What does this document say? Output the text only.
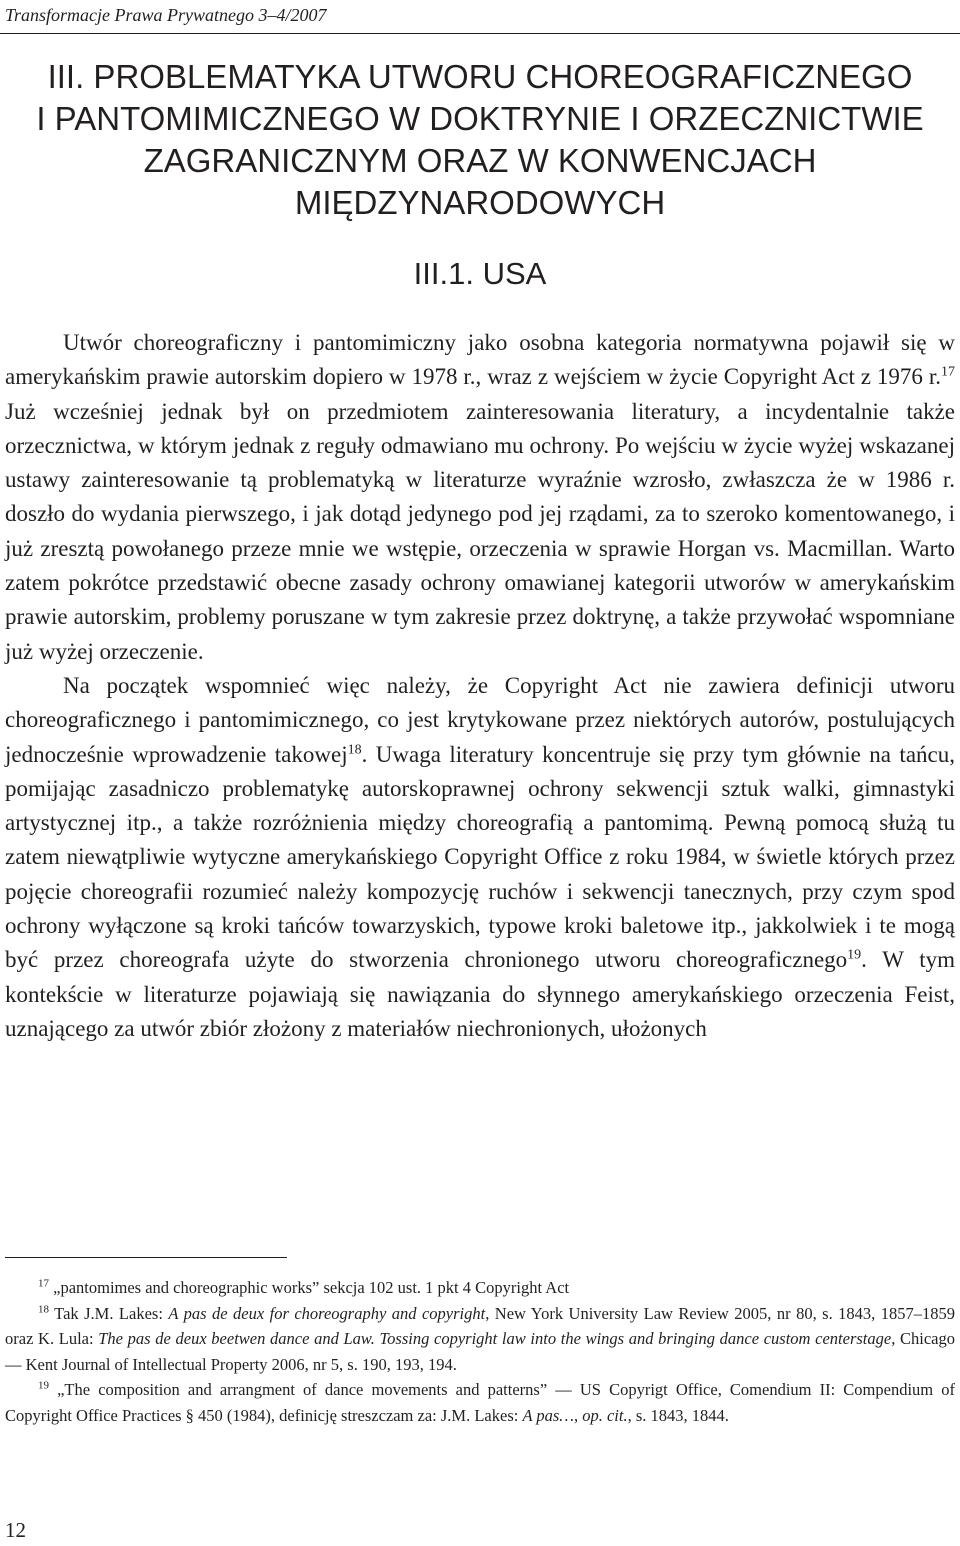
Transformacje Prawa Prywatnego 3–4/2007
III. PROBLEMATYKA UTWORU CHOREOGRAFICZNEGO
I PANTOMIMICZNEGO W DOKTRYNIE I ORZECZNICTWIE
ZAGRANICZNYM ORAZ W KONWENCJACH
MIĘDZYNARODOWYCH
III.1. USA

Utwór choreograficzny i pantomimiczny jako osobna kategoria normatywna pojawił się w amerykańskim prawie autorskim dopiero w 1978 r., wraz z wejściem w życie Copyright Act z 1976 r.$^{17}$ Już wcześniej jednak był on przedmiotem zainteresowania literatury, a incydentalnie także orzecznictwa, w którym jednak z reguły odmawiano mu ochrony. Po wejściu w życie wyżej wskazanej ustawy zainteresowanie tą problematyką w literaturze wyraźnie wzrosło, zwłaszcza że w 1986 r. doszło do wydania pierwszego, i jak dotąd jedynego pod jej rządami, za to szeroko komentowanego, i już zresztą powołanego przeze mnie we wstępie, orzeczenia w sprawie Horgan vs. Macmillan. Warto zatem pokrótce przedstawić obecne zasady ochrony omawianej kategorii utworów w amerykańskim prawie autorskim, problemy poruszane w tym zakresie przez doktrynę, a także przywołać wspomniane już wyżej orzeczenie.

Na początek wspomnieć więc należy, że Copyright Act nie zawiera definicji utworu choreograficznego i pantomimicznego, co jest krytykowane przez niektórych autorów, postulujących jednocześnie wprowadzenie takowej$^{18}$. Uwaga literatury koncentruje się przy tym głównie na tańcu, pomijając zasadniczo problematykę autorskoprawnej ochrony sekwencji sztuk walki, gimnastyki artystycznej itp., a także rozróżnienia między choreografią a pantomimą. Pewną pomocą służą tu zatem niewątpliwie wytyczne amerykańskiego Copyright Office z roku 1984, w świetle których przez pojęcie choreografii rozumieć należy kompozycję ruchów i sekwencji tanecznych, przy czym spod ochrony wyłączone są kroki tańców towarzyskich, typowe kroki baletowe itp., jakkolwiek i te mogą być przez choreografa użyte do stworzenia chronionego utworu choreograficznego$^{19}$. W tym kontekście w literaturze pojawiają się nawiązania do słynnego amerykańskiego orzeczenia Feist, uznającego za utwór zbiór złożony z materiałów niechronionych, ułożonych

$^{17}$ „pantomimes and choreographic works” sekcja 102 ust. 1 pkt 4 Copyright Act

$^{18}$ Tak J.M. Lakes: A pas de deux for choreography and copyright, New York University Law Review 2005, nr 80, s. 1843, 1857–1859 oraz K. Lula: The pas de deux beetwen dance and Law. Tossing copyright law into the wings and bringing dance custom centerstage, Chicago — Kent Journal of Intellectual Property 2006, nr 5, s. 190, 193, 194.

$^{19}$ „The composition and arrangment of dance movements and patterns” — US Copyrigt Office, Comendium II: Compendium of Copyright Office Practices § 450 (1984), definicję streszczam za: J.M. Lakes: A pas…, op. cit., s. 1843, 1844.

12
